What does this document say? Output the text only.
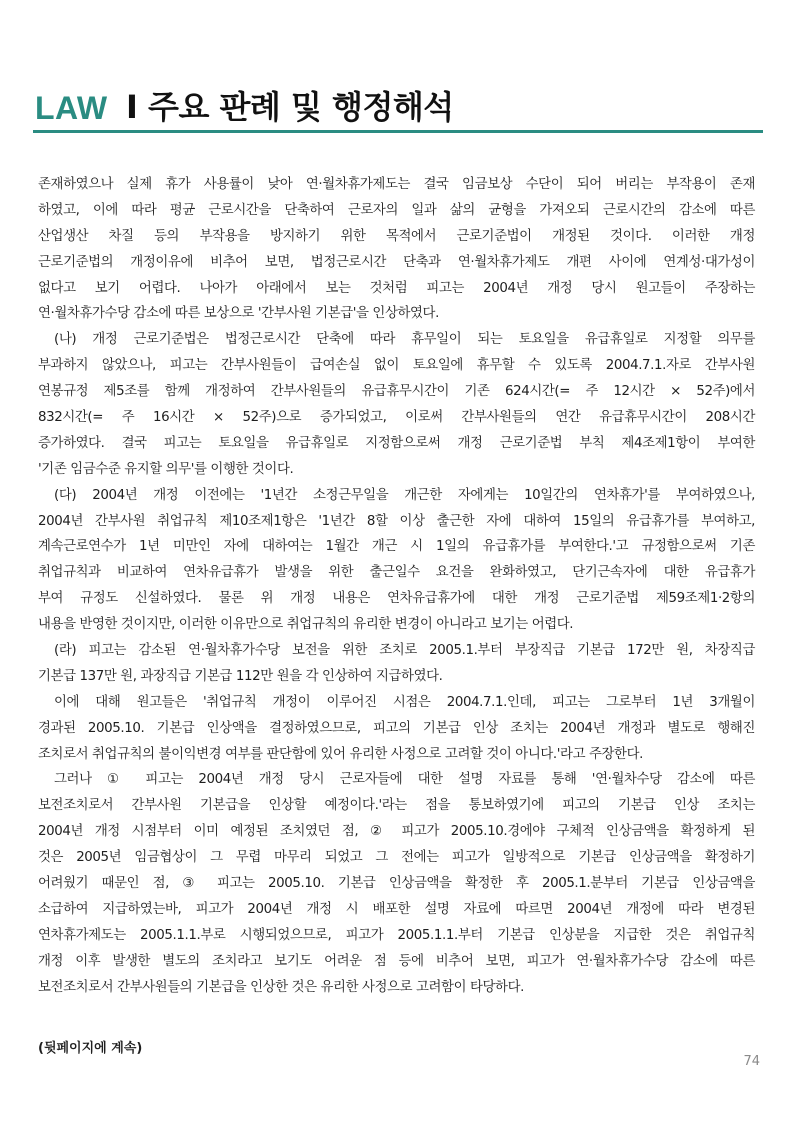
LAW I 주요 판례 및 행정해석
존재하였으나 실제 휴가 사용률이 낮아 연·월차휴가제도는 결국 임금보상 수단이 되어 버리는 부작용이 존재
하였고, 이에 따라 평균 근로시간을 단축하여 근로자의 일과 삶의 균형을 가져오되 근로시간의 감소에 따른
산업생산 차질 등의 부작용을 방지하기 위한 목적에서 근로기준법이 개정된 것이다. 이러한 개정
근로기준법의 개정이유에 비추어 보면, 법정근로시간 단축과 연·월차휴가제도 개편 사이에 연계성·대가성이
없다고 보기 어렵다. 나아가 아래에서 보는 것처럼 피고는 2004년 개정 당시 원고들이 주장하는
연·월차휴가수당 감소에 따른 보상으로 '간부사원 기본급'을 인상하였다.
(나) 개정 근로기준법은 법정근로시간 단축에 따라 휴무일이 되는 토요일을 유급휴일로 지정할 의무를
부과하지 않았으나, 피고는 간부사원들이 급여손실 없이 토요일에 휴무할 수 있도록 2004.7.1.자로 간부사원
연봉규정 제5조를 함께 개정하여 간부사원들의 유급휴무시간이 기존 624시간(= 주 12시간 × 52주)에서
832시간(= 주 16시간 × 52주)으로 증가되었고, 이로써 간부사원들의 연간 유급휴무시간이 208시간
증가하였다. 결국 피고는 토요일을 유급휴일로 지정함으로써 개정 근로기준법 부칙 제4조제1항이 부여한
'기존 임금수준 유지할 의무'를 이행한 것이다.
(다) 2004년 개정 이전에는 '1년간 소정근무일을 개근한 자에게는 10일간의 연차휴가'를 부여하였으나,
2004년 간부사원 취업규칙 제10조제1항은 '1년간 8할 이상 출근한 자에 대하여 15일의 유급휴가를 부여하고,
계속근로연수가 1년 미만인 자에 대하여는 1월간 개근 시 1일의 유급휴가를 부여한다.'고 규정함으로써 기존
취업규칙과 비교하여 연차유급휴가 발생을 위한 출근일수 요건을 완화하였고, 단기근속자에 대한 유급휴가
부여 규정도 신설하였다. 물론 위 개정 내용은 연차유급휴가에 대한 개정 근로기준법 제59조제1·2항의
내용을 반영한 것이지만, 이러한 이유만으로 취업규칙의 유리한 변경이 아니라고 보기는 어렵다.
(라) 피고는 감소된 연·월차휴가수당 보전을 위한 조치로 2005.1.부터 부장직급 기본급 172만 원, 차장직급
기본급 137만 원, 과장직급 기본급 112만 원을 각 인상하여 지급하였다.
이에 대해 원고들은 '취업규칙 개정이 이루어진 시점은 2004.7.1.인데, 피고는 그로부터 1년 3개월이
경과된 2005.10. 기본급 인상액을 결정하였으므로, 피고의 기본급 인상 조치는 2004년 개정과 별도로 행해진
조치로서 취업규칙의 불이익변경 여부를 판단함에 있어 유리한 사정으로 고려할 것이 아니다.'라고 주장한다.
그러나 ① 피고는 2004년 개정 당시 근로자들에 대한 설명 자료를 통해 '연·월차수당 감소에 따른
보전조치로서 간부사원 기본급을 인상할 예정이다.'라는 점을 통보하였기에 피고의 기본급 인상 조치는
2004년 개정 시점부터 이미 예정된 조치였던 점, ② 피고가 2005.10.경에야 구체적 인상금액을 확정하게 된
것은 2005년 임금협상이 그 무렵 마무리 되었고 그 전에는 피고가 일방적으로 기본급 인상금액을 확정하기
어려웠기 때문인 점, ③ 피고는 2005.10. 기본급 인상금액을 확정한 후 2005.1.분부터 기본급 인상금액을
소급하여 지급하였는바, 피고가 2004년 개정 시 배포한 설명 자료에 따르면 2004년 개정에 따라 변경된
연차휴가제도는 2005.1.1.부로 시행되었으므로, 피고가 2005.1.1.부터 기본급 인상분을 지급한 것은 취업규칙
개정 이후 발생한 별도의 조치라고 보기도 어려운 점 등에 비추어 보면, 피고가 연·월차휴가수당 감소에 따른
보전조치로서 간부사원들의 기본급을 인상한 것은 유리한 사정으로 고려함이 타당하다.
(뒷페이지에 계속)
74
